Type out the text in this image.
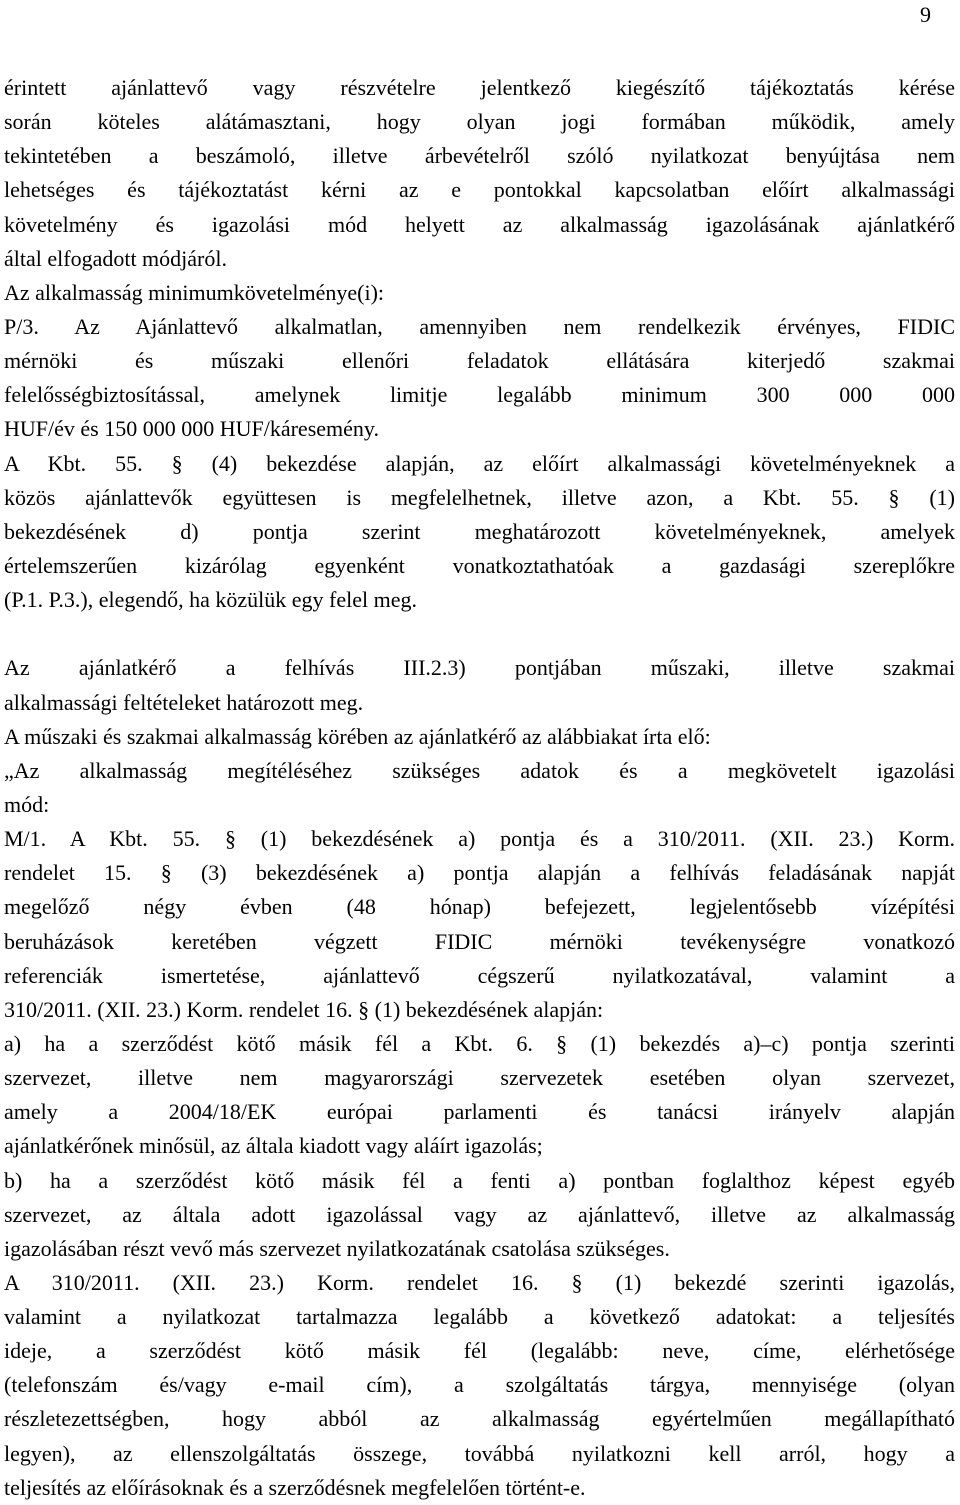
9
érintett ajánlattevő vagy részvételre jelentkező kiegészítő tájékoztatás kérése
során köteles alátámasztani, hogy olyan jogi formában működik, amely
tekintetében a beszámoló, illetve árbevételről szóló nyilatkozat benyújtása nem
lehetséges és tájékoztatást kérni az e pontokkal kapcsolatban előírt alkalmassági
követelmény és igazolási mód helyett az alkalmasság igazolásának ajánlatkérő
által elfogadott módjáról.
Az alkalmasság minimumkövetelménye(i):
P/3. Az Ajánlattevő alkalmatlan, amennyiben nem rendelkezik érvényes, FIDIC
mérnöki és műszaki ellenőri feladatok ellátására kiterjedő szakmai
felelősségbiztosítással, amelynek limitje legalább minimum 300 000 000
HUF/év és 150 000 000 HUF/káresemény.
A Kbt. 55. § (4) bekezdése alapján, az előírt alkalmassági követelményeknek a
közös ajánlattevők együttesen is megfelelhetnek, illetve azon, a Kbt. 55. § (1)
bekezdésének d) pontja szerint meghatározott követelményeknek, amelyek
értelemszerűen kizárólag egyenként vonatkoztathatóak a gazdasági szereplőkre
(P.1. P.3.), elegendő, ha közülük egy felel meg.
Az ajánlatkérő a felhívás III.2.3) pontjában műszaki, illetve szakmai
alkalmassági feltételeket határozott meg.
A műszaki és szakmai alkalmasság körében az ajánlatkérő az alábbiakat írta elő:
„Az alkalmasság megítéléséhez szükséges adatok és a megkövetelt igazolási
mód:
M/1. A Kbt. 55. § (1) bekezdésének a) pontja és a 310/2011. (XII. 23.) Korm.
rendelet 15. § (3) bekezdésének a) pontja alapján a felhívás feladásának napját
megelőző négy évben (48 hónap) befejezett, legjelentősebb vízépítési
beruházások keretében végzett FIDIC mérnöki tevékenységre vonatkozó
referenciák ismertetése, ajánlattevő cégszerű nyilatkozatával, valamint a
310/2011. (XII. 23.) Korm. rendelet 16. § (1) bekezdésének alapján:
a) ha a szerződést kötő másik fél a Kbt. 6. § (1) bekezdés a)–c) pontja szerinti
szervezet, illetve nem magyarországi szervezetek esetében olyan szervezet,
amely a 2004/18/EK európai parlamenti és tanácsi irányelv alapján
ajánlatkérőnek minősül, az általa kiadott vagy aláírt igazolás;
b) ha a szerződést kötő másik fél a fenti a) pontban foglalthoz képest egyéb
szervezet, az általa adott igazolással vagy az ajánlattevő, illetve az alkalmasság
igazolásában részt vevő más szervezet nyilatkozatának csatolása szükséges.
A 310/2011. (XII. 23.) Korm. rendelet 16. § (1) bekezdé szerinti igazolás,
valamint a nyilatkozat tartalmazza legalább a következő adatokat: a teljesítés
ideje, a szerződést kötő másik fél (legalább: neve, címe, elérhetősége
(telefonszám és/vagy e-mail cím), a szolgáltatás tárgya, mennyisége (olyan
részletezettségben, hogy abból az alkalmasság egyértelműen megállapítható
legyen), az ellenszolgáltatás összege, továbbá nyilatkozni kell arról, hogy a
teljesítés az előírásoknak és a szerződésnek megfelelően történt-e.
